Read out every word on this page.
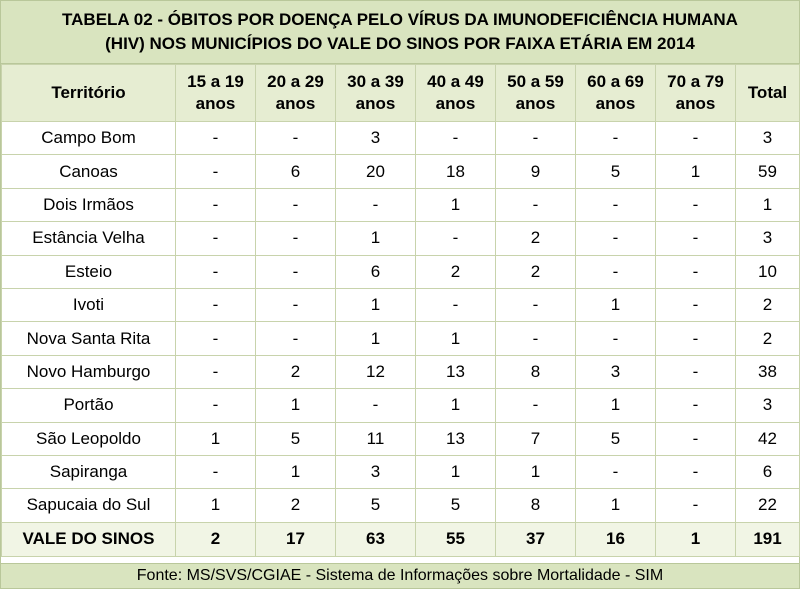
TABELA 02 - ÓBITOS POR DOENÇA PELO VÍRUS DA IMUNODEFICIÊNCIA HUMANA
(HIV) NOS MUNICÍPIOS DO VALE DO SINOS POR FAIXA ETÁRIA EM 2014
Território	15 a 19 anos	20 a 29 anos	30 a 39 anos	40 a 49 anos	50 a 59 anos	60 a 69 anos	70 a 79 anos	Total
Campo Bom	-	-	3	-	-	-	-	3
Canoas	-	6	20	18	9	5	1	59
Dois Irmãos	-	-	-	1	-	-	-	1
Estância Velha	-	-	1	-	2	-	-	3
Esteio	-	-	6	2	2	-	-	10
Ivoti	-	-	1	-	-	1	-	2
Nova Santa Rita	-	-	1	1	-	-	-	2
Novo Hamburgo	-	2	12	13	8	3	-	38
Portão	-	1	-	1	-	1	-	3
São Leopoldo	1	5	11	13	7	5	-	42
Sapiranga	-	1	3	1	1	-	-	6
Sapucaia do Sul	1	2	5	5	8	1	-	22
VALE DO SINOS	2	17	63	55	37	16	1	191
Fonte: MS/SVS/CGIAE - Sistema de Informações sobre Mortalidade - SIM
